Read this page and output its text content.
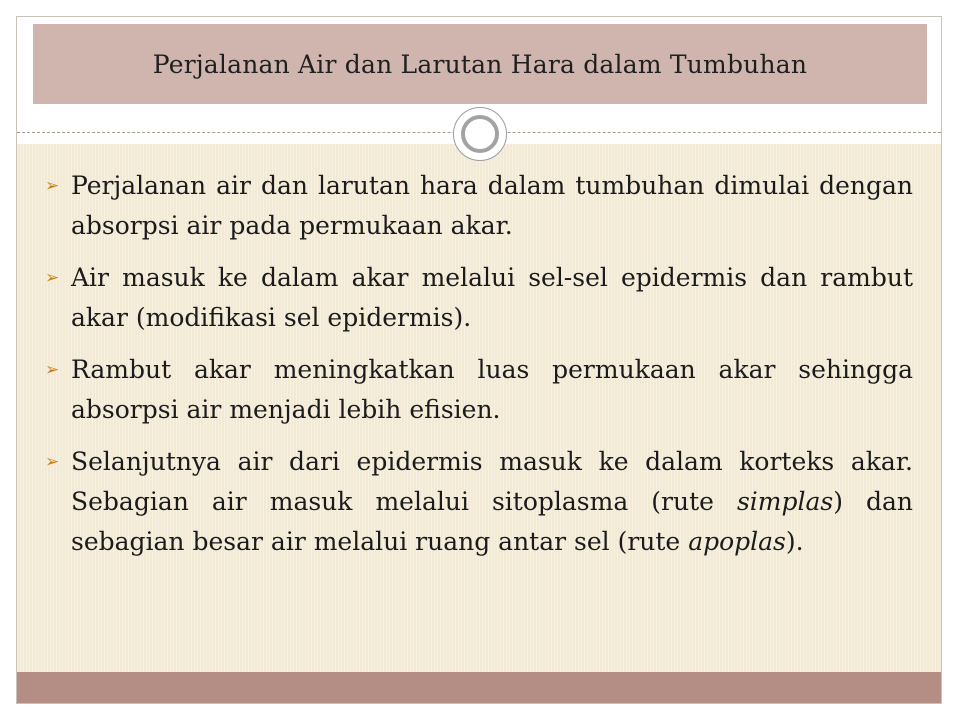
Perjalanan Air dan Larutan Hara dalam Tumbuhan
➢ Perjalanan air dan larutan hara dalam tumbuhan dimulai dengan absorpsi air pada permukaan akar.
➢ Air masuk ke dalam akar melalui sel-sel epidermis dan rambut akar (modifikasi sel epidermis).
➢ Rambut akar meningkatkan luas permukaan akar sehingga absorpsi air menjadi lebih efisien.
➢ Selanjutnya air dari epidermis masuk ke dalam korteks akar. Sebagian air masuk melalui sitoplasma (rute simplas) dan sebagian besar air melalui ruang antar sel (rute apoplas).
